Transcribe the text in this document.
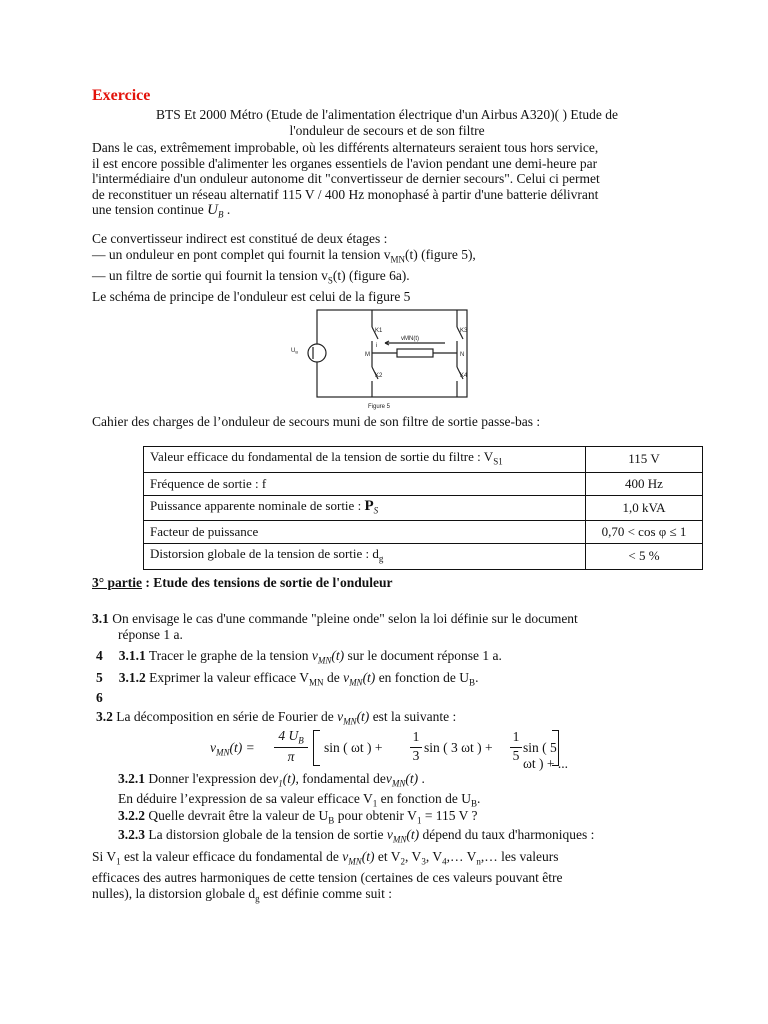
Exercice
BTS Et 2000 Métro (Etude de l'alimentation électrique d'un Airbus A320)( ) Etude de
l'onduleur de secours et de son filtre
Dans le cas, extrêmement improbable, où les différents alternateurs seraient tous hors service,
il est encore possible d'alimenter les organes essentiels de l'avion pendant une demi-heure par
l'intermédiaire d'un onduleur autonome dit "convertisseur de dernier secours". Celui ci permet
de reconstituer un réseau alternatif 115 V / 400 Hz monophasé à partir d'une batterie délivrant
une tension continue $U_B$ .
Ce convertisseur indirect est constitué de deux étages :
— un onduleur en pont complet qui fournit la tension $v_{MN}(t)$ (figure 5),
— un filtre de sortie qui fournit la tension $v_S(t)$ (figure 6a).
Le schéma de principe de l'onduleur est celui de la figure 5
$U_B$
K1
K2
K3
K4
M	N
i
vMN(t)
Figure 5
Cahier des charges de l’onduleur de secours muni de son filtre de sortie passe-bas :
Valeur efficace du fondamental de la tension de sortie du filtre : $V_{S1}$	115 V
Fréquence de sortie : f	400 Hz
Puissance apparente nominale de sortie : $P_S$	1,0 kVA
Facteur de puissance	0,70 < cos φ ≤ 1
Distorsion globale de la tension de sortie : $d_g$	< 5 %
3° partie : Etude des tensions de sortie de l'onduleur
3.1 On envisage le cas d'une commande "pleine onde" selon la loi définie sur le document
réponse 1 a.
4 3.1.1 Tracer le graphe de la tension $v_{MN}(t)$ sur le document réponse 1 a.
5 3.1.2 Exprimer la valeur efficace $V_{MN}$ de $v_{MN}(t)$ en fonction de $U_B$.
6
3.2 La décomposition en série de Fourier de $v_{MN}(t)$ est la suivante :
$v_{MN}(t)$ =
4 $U_B$
π
sin ( ωt ) +
1
3
sin ( 3 ωt ) +
1
5
sin ( 5 ωt ) + ...
3.2.1 Donner l'expression dev$_1$(t), fondamental dev$_{MN}$(t) .
En déduire l’expression de sa valeur efficace $V_1$ en fonction de $U_B$.
3.2.2 Quelle devrait être la valeur de $U_B$ pour obtenir $V_1 = 115$ V ?
3.2.3 La distorsion globale de la tension de sortie $v_{MN}(t)$ dépend du taux d'harmoniques :
Si $V_1$ est la valeur efficace du fondamental de $v_{MN}(t)$ et $V_2$, $V_3$, $V_4,\dots$ $V_n,\dots$ les valeurs
efficaces des autres harmoniques de cette tension (certaines de ces valeurs pouvant être
nulles), la distorsion globale $d_g$ est définie comme suit :
